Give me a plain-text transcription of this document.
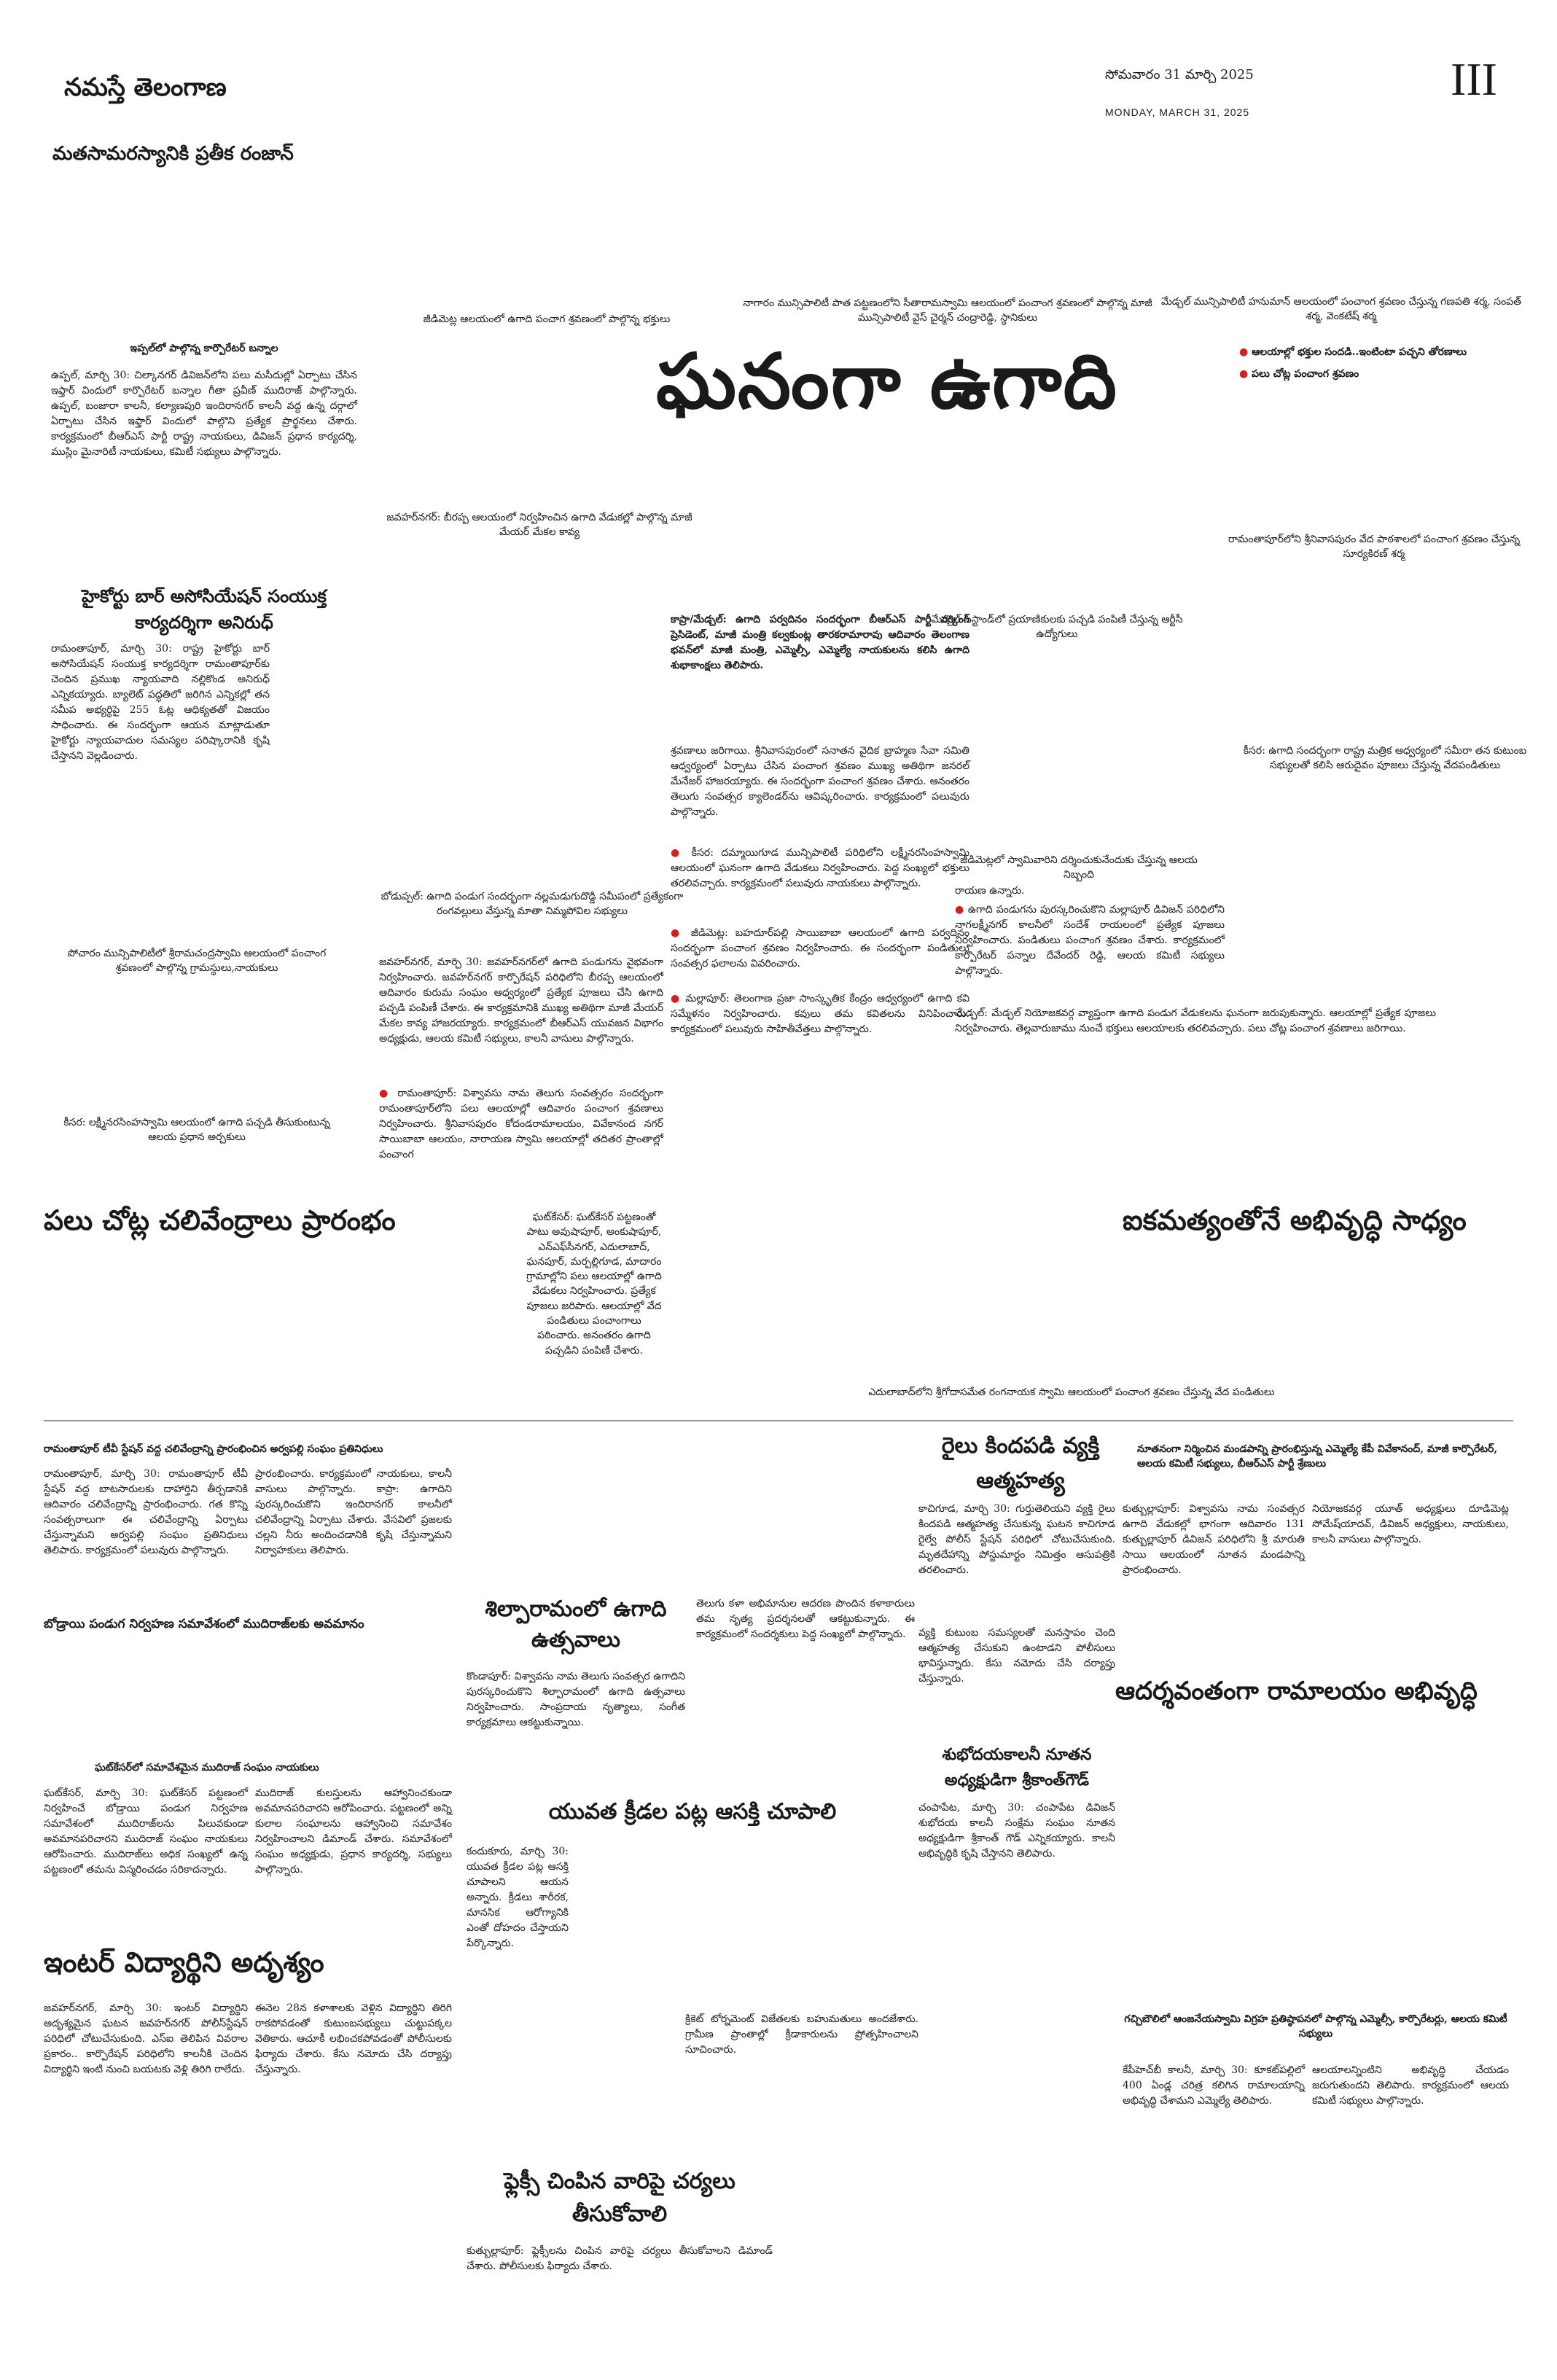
నమస్తే తెలంగాణ	సోమవారం 31 మార్చి 2025
MONDAY, MARCH 31, 2025
III
మతసామరస్యానికి ప్రతీక రంజాన్
జీడిమెట్ల ఆలయంలో ఉగాది పంచాగ శ్రవణంలో పాల్గొన్న భక్తులు
నాగారం మున్సిపాలిటీ పాత పట్టణంలోని సీతారామస్వామి ఆలయంలో పంచాంగ శ్రవణంలో పాల్గొన్న మాజీ మున్సిపాలిటీ వైస్ చైర్మన్ చంద్రారెడ్డి, స్థానికులు
మేడ్చల్ మున్సిపాలిటీ హనుమాన్ ఆలయంలో పంచాంగ శ్రవణం చేస్తున్న గణపతి శర్మ, సంపత్ శర్మ, వెంకటేష్ శర్మ
ఘనంగా ఉగాది
●	ఆలయాల్లో భక్తుల సందడి..ఇంటింటా పచ్చని తోరణాలు
● పలు చోట్ల పంచాంగ శ్రవణం
ఇప్పల్‌లో పాల్గొన్న కార్పొరేటర్ బన్నాల
ఉప్పల్, మార్చి 30: చిల్కానగర్ డివిజన్‌లోని పలు మసీదుల్లో ఏర్పాటు చేసిన ఇఫ్తార్ విందులో కార్పొరేటర్ బన్నాల గీతా ప్రవీణ్ ముదిరాజ్ పాల్గొన్నారు. ఉప్పల్, బంజారా కాలనీ, కల్యాణపురి ఇందిరానగర్ కాలనీ వద్ద ఉన్న దర్గాలో ఏర్పాటు చేసిన ఇఫ్తార్ విందులో పాల్గొని ప్రత్యేక ప్రార్థనలు చేశారు. కార్యక్రమంలో బీఆర్ఎస్ పార్టీ రాష్ట్ర నాయకులు, డివిజన్ ప్రధాన కార్యదర్శి, ముస్లిం మైనారిటీ నాయకులు, కమిటీ సభ్యులు పాల్గొన్నారు.
హైకోర్టు బార్ అసోసియేషన్ సంయుక్త కార్యదర్శిగా అనిరుధ్
రామంతాపూర్, మార్చి 30: రాష్ట్ర హైకోర్టు బార్ అసోసియేషన్ సంయుక్త కార్యదర్శిగా రామంతాపూర్‌కు చెందిన ప్రముఖ న్యాయవాది నల్లికొండ అనిరుధ్ ఎన్నికయ్యారు. బ్యాలెట్ పద్ధతిలో జరిగిన ఎన్నికల్లో తన సమీప అభ్యర్థిపై 255 ఓట్ల ఆధిక్యతతో విజయం సాధించారు. ఈ సందర్భంగా ఆయన మాట్లాడుతూ హైకోర్టు న్యాయవాదుల సమస్యల పరిష్కారానికి కృషి చేస్తానని వెల్లడించారు.
జవహర్‌నగర్: బీరప్ప ఆలయంలో నిర్వహించిన ఉగాది వేడుకల్లో పాల్గొన్న మాజీ మేయర్ మేకల కావ్య
రామంతాపూర్‌లోని శ్రీనివాసపురం వేద పాఠశాలలో పంచాంగ శ్రవణం చేస్తున్న సూర్యకిరణ్ శర్మ
కాప్రా/మేడ్చల్: ఉగాది పర్వదినం సందర్భంగా బీఆర్ఎస్ పార్టీ వర్కింగ్ ప్రెసిడెంట్, మాజీ మంత్రి కల్వకుంట్ల తారకరామారావు ఆదివారం తెలంగాణ భవన్‌లో మాజీ మంత్రి, ఎమ్మెల్సీ, ఎమ్మెల్యే నాయకులను కలిసి ఉగాది శుభాకాంక్షలు తెలిపారు.
మేడ్చల్ బస్టాండ్‌లో ప్రయాణికులకు పచ్చడి పంపిణీ చేస్తున్న ఆర్టీసీ ఉద్యోగులు
శ్రవణాలు జరిగాయి. శ్రీనివాసపురంలో సనాతన వైదిక బ్రాహ్మణ సేవా సమితి ఆధ్వర్యంలో ఏర్పాటు చేసిన పంచాంగ శ్రవణం ముఖ్య అతిథిగా జనరల్ మేనేజర్ హాజరయ్యారు. ఈ సందర్భంగా పంచాంగ శ్రవణం చేశారు. ఆనంతరం తెలుగు సంవత్సర క్యాలెండర్‌ను ఆవిష్కరించారు. కార్యక్రమంలో పలువురు పాల్గొన్నారు.
● కీసర: దమ్మాయిగూడ మున్సిపాలిటీ పరిధిలోని లక్ష్మీనరసింహస్వామి ఆలయంలో ఘనంగా ఉగాది వేడుకలు నిర్వహించారు. పెద్ద సంఖ్యలో భక్తులు తరలివచ్చారు. కార్యక్రమంలో పలువురు నాయకులు పాల్గొన్నారు.
● జీడిమెట్ల: బహదూర్‌పల్లి సాయిబాబా ఆలయంలో ఉగాది పర్వదినం సందర్భంగా పంచాంగ శ్రవణం నిర్వహించారు. ఈ సందర్భంగా పండితులు సంవత్సర ఫలాలను వివరించారు.
● మల్లాపూర్: తెలంగాణ ప్రజా సాంస్కృతిక కేంద్రం ఆధ్వర్యంలో ఉగాది కవి సమ్మేళనం నిర్వహించారు. కవులు తమ కవితలను వినిపించారు. కార్యక్రమంలో పలువురు సాహితీవేత్తలు పాల్గొన్నారు.
కీసర: ఉగాది సందర్భంగా రాష్ట్ర మత్రిక ఆధ్వర్యంలో సమీరా తన కుటుంబ సభ్యులతో కలిసి ఆరుదైవం పూజలు చేస్తున్న వేదపండితులు
జీడిమెట్లలో స్వామివారిని దర్శించుకునేందుకు చేస్తున్న ఆలయ నిబ్బంది
రాయణ ఉన్నారు.
● ఉగాది పండుగను పురస్కరించుకొని మల్లాపూర్ డివిజన్ పరిధిలోని నాగలక్ష్మీనగర్ కాలనీలో సందేశ్ రాయలంలో ప్రత్యేక పూజలు నిర్వహించారు. పండితులు పంచాంగ శ్రవణం చేశారు. కార్యక్రమంలో కార్పొరేటర్ పన్నాల దేవేందర్ రెడ్డి, ఆలయ కమిటీ సభ్యులు పాల్గొన్నారు.
మేడ్చల్: మేడ్చల్ నియోజకవర్గ వ్యాప్తంగా ఉగాది పండుగ వేడుకలను ఘనంగా జరుపుకున్నారు. ఆలయాల్లో ప్రత్యేక పూజలు నిర్వహించారు. తెల్లవారుజాము నుంచే భక్తులు ఆలయాలకు తరలివచ్చారు. పలు చోట్ల పంచాంగ శ్రవణాలు జరిగాయి.
బోడుప్పల్: ఉగాది పండుగ సందర్భంగా నల్లమడుగుదొడ్డి సమీపంలో ప్రత్యేకంగా రంగవల్లులు వేస్తున్న మాతా నిమ్మపోవిల సభ్యులు
పోచారం మున్సిపాలిటీలో శ్రీరామచంద్రస్వామి ఆలయంలో పంచాంగ శ్రవణంలో పాల్గొన్న గ్రామస్థులు,నాయకులు
జవహర్‌నగర్, మార్చి 30: జవహర్‌నగర్‌లో ఉగాది పండుగను వైభవంగా నిర్వహించారు. జవహర్‌నగర్ కార్పొరేషన్ పరిధిలోని బీరప్ప ఆలయంలో ఆదివారం కురుమ సంఘం ఆధ్వర్యంలో ప్రత్యేక పూజలు చేసి ఉగాది పచ్చడి పంపిణీ చేశారు. ఈ కార్యక్రమానికి ముఖ్య అతిథిగా మాజీ మేయర్ మేకల కావ్య హాజరయ్యారు. కార్యక్రమంలో బీఆర్ఎస్ యువజన విభాగం అధ్యక్షుడు, ఆలయ కమిటీ సభ్యులు, కాలనీ వాసులు పాల్గొన్నారు.
● రామంతాపూర్: విశ్వావసు నామ తెలుగు సంవత్సరం సందర్భంగా రామంతాపూర్‌లోని పలు ఆలయాల్లో ఆదివారం పంచాంగ శ్రవణాలు నిర్వహించారు. శ్రీనివాసపురం కోదండరామాలయం, వివేకానంద నగర్ సాయిబాబా ఆలయం, నారాయణ స్వామి ఆలయాల్లో తదితర ప్రాంతాల్లో పంచాంగ
కీసర: లక్ష్మీనరసింహస్వామి ఆలయంలో ఉగాది పచ్చడి తీసుకుంటున్న ఆలయ ప్రధాన అర్చకులు
ఘట్‌కేసర్: ఘట్‌కేసర్ పట్టణంతో పాటు అవుషాపూర్, అంకుషాపూర్, ఎన్ఎఫ్‌సీనగర్, ఎదులాబాద్, ఘనపూర్, మర్పల్లిగూడ, మాదారం గ్రామాల్లోని పలు ఆలయాల్లో ఉగాది వేడుకలు నిర్వహించారు. ప్రత్యేక పూజలు జరిపారు. ఆలయాల్లో వేద పండితులు పంచాంగాలు పఠించారు. అనంతరం ఉగాది పచ్చడిని పంపిణీ చేశారు.
పలు చోట్ల చలివేంద్రాలు ప్రారంభం	ఐకమత్యంతోనే అభివృద్ధి సాధ్యం
ఎదులాబాద్‌లోని శ్రీగోదాసమేత రంగనాయక స్వామి ఆలయంలో పంచాంగ శ్రవణం చేస్తున్న వేద పండితులు
రామంతాపూర్ టీవీ స్టేషన్ వద్ద చలివేంద్రాన్ని ప్రారంభించిన అర్వపల్లి సంఘం ప్రతినిధులు
రామంతాపూర్, మార్చి 30: రామంతాపూర్ టీవీ స్టేషన్ వద్ద బాటసారులకు దాహార్తిని తీర్చడానికి ఆదివారం చలివేంద్రాన్ని ప్రారంభించారు. గత కొన్ని సంవత్సరాలుగా ఈ చలివేంద్రాన్ని ఏర్పాటు చేస్తున్నామని అర్వపల్లి సంఘం ప్రతినిధులు తెలిపారు. కార్యక్రమంలో పలువురు పాల్గొన్నారు.
ప్రారంభించారు. కార్యక్రమంలో నాయకులు, కాలనీ వాసులు పాల్గొన్నారు. కాప్రా: ఉగాదిని పురస్కరించుకొని ఇందిరానగర్ కాలనీలో చలివేంద్రాన్ని ఏర్పాటు చేశారు. వేసవిలో ప్రజలకు చల్లని నీరు అందించడానికి కృషి చేస్తున్నామని నిర్వాహకులు తెలిపారు.
బోడ్రాయి పండుగ నిర్వహణ సమావేశంలో ముదిరాజ్‌లకు అవమానం
ఘట్‌కేసర్‌లో సమావేశమైన ముదిరాజ్ సంఘం నాయకులు
ఘట్‌కేసర్, మార్చి 30: ఘట్‌కేసర్ పట్టణంలో నిర్వహించే బోడ్రాయి పండుగ నిర్వహణ సమావేశంలో ముదిరాజ్‌లను పిలువకుండా అవమానపరిచారని ముదిరాజ్ సంఘం నాయకులు ఆరోపించారు. ముదిరాజ్‌లు అధిక సంఖ్యలో ఉన్న పట్టణంలో తమను విస్మరించడం సరికాదన్నారు.
ముదిరాజ్ కులస్తులను ఆహ్వానించకుండా అవమానపరిచారని ఆరోపించారు. పట్టణంలో అన్ని కులాల సంఘాలను ఆహ్వానించి సమావేశం నిర్వహించాలని డిమాండ్ చేశారు. సమావేశంలో సంఘం అధ్యక్షుడు, ప్రధాన కార్యదర్శి, సభ్యులు పాల్గొన్నారు.
ఇంటర్ విద్యార్థిని అదృశ్యం
జవహర్‌నగర్, మార్చి 30: ఇంటర్ విద్యార్థిని అదృశ్యమైన ఘటన జవహర్‌నగర్ పోలీస్‌స్టేషన్ పరిధిలో చోటుచేసుకుంది. ఎస్ఐ తెలిపిన వివరాల ప్రకారం.. కార్పొరేషన్ పరిధిలోని కాలనీకి చెందిన విద్యార్థిని ఇంటి నుంచి బయటకు వెళ్లి తిరిగి రాలేదు.
ఈనెల 28న కళాశాలకు వెళ్లిన విద్యార్థిని తిరిగి రాకపోవడంతో కుటుంబసభ్యులు చుట్టుపక్కల వెతికారు. ఆచూకీ లభించకపోవడంతో పోలీసులకు ఫిర్యాదు చేశారు. కేసు నమోదు చేసి దర్యాప్తు చేస్తున్నారు.
శిల్పారామంలో ఉగాది ఉత్సవాలు
కొండాపూర్: విశ్వావసు నామ తెలుగు సంవత్సర ఉగాదిని పురస్కరించుకొని శిల్పారామంలో ఉగాది ఉత్సవాలు నిర్వహించారు. సాంప్రదాయ నృత్యాలు, సంగీత కార్యక్రమాలు ఆకట్టుకున్నాయి.
తెలుగు కళా అభిమానుల ఆదరణ పొందిన కళాకారులు తమ నృత్య ప్రదర్శనలతో ఆకట్టుకున్నారు. ఈ కార్యక్రమంలో సందర్శకులు పెద్ద సంఖ్యలో పాల్గొన్నారు.
యువత క్రీడల పట్ల ఆసక్తి చూపాలి
కందుకూరు, మార్చి 30: యువత క్రీడల పట్ల ఆసక్తి చూపాలని ఆయన అన్నారు. క్రీడలు శారీరక, మానసిక ఆరోగ్యానికి ఎంతో దోహదం చేస్తాయని పేర్కొన్నారు.
క్రికెట్ టోర్నమెంట్ విజేతలకు బహుమతులు అందజేశారు. గ్రామీణ ప్రాంతాల్లో క్రీడాకారులను ప్రోత్సహించాలని సూచించారు.
ఫ్లెక్సీ చింపిన వారిపై చర్యలు తీసుకోవాలి
కుత్బుల్లాపూర్: ఫ్లెక్సీలను చింపిన వారిపై చర్యలు తీసుకోవాలని డిమాండ్ చేశారు. పోలీసులకు ఫిర్యాదు చేశారు.
రైలు కిందపడి వ్యక్తి ఆత్మహత్య
కాచిగూడ, మార్చి 30: గుర్తుతెలియని వ్యక్తి రైలు కిందపడి ఆత్మహత్య చేసుకున్న ఘటన కాచిగూడ రైల్వే పోలీస్ స్టేషన్ పరిధిలో చోటుచేసుకుంది. మృతదేహాన్ని పోస్టుమార్టం నిమిత్తం ఆసుపత్రికి తరలించారు.
వ్యక్తి కుటుంబ సమస్యలతో మనస్తాపం చెంది ఆత్మహత్య చేసుకుని ఉంటాడని పోలీసులు భావిస్తున్నారు. కేసు నమోదు చేసి దర్యాప్తు చేస్తున్నారు.
శుభోదయకాలనీ నూతన అధ్యక్షుడిగా శ్రీకాంత్‌గౌడ్
చంపాపేట, మార్చి 30: చంపాపేట డివిజన్ శుభోదయ కాలనీ సంక్షేమ సంఘం నూతన అధ్యక్షుడిగా శ్రీకాంత్ గౌడ్ ఎన్నికయ్యారు. కాలనీ అభివృద్ధికి కృషి చేస్తానని తెలిపారు.
నూతనంగా నిర్మించిన మండపాన్ని ప్రారంభిస్తున్న ఎమ్మెల్యే కేపీ వివేకానంద్, మాజీ కార్పొరేటర్, ఆలయ కమిటీ సభ్యులు, బీఆర్ఎస్ పార్టీ శ్రేణులు
కుత్బుల్లాపూర్: విశ్వావసు నామ సంవత్సర ఉగాది వేడుకల్లో భాగంగా ఆదివారం 131 కుత్బుల్లాపూర్ డివిజన్ పరిధిలోని శ్రీ మారుతి సాయి ఆలయంలో నూతన మండపాన్ని ప్రారంభించారు.
నియోజకవర్గ యూత్ అధ్యక్షులు దూడిమెట్ల సోమేష్‌యాదవ్, డివిజన్ అధ్యక్షులు, నాయకులు, కాలనీ వాసులు పాల్గొన్నారు.
ఆదర్శవంతంగా రామాలయం అభివృద్ధి
గచ్చిబౌలిలో ఆంజనేయస్వామి విగ్రహ ప్రతిష్ఠాపనలో పాల్గొన్న ఎమ్మెల్సీ, కార్పొరేటర్లు, ఆలయ కమిటీ సభ్యులు
కేపీహెచ్‌బీ కాలనీ, మార్చి 30: కూకట్‌పల్లిలో 400 ఏండ్ల చరిత్ర కలిగిన రామాలయాన్ని అభివృద్ధి చేశామని ఎమ్మెల్యే తెలిపారు.
ఆలయాలన్నింటిని అభివృద్ధి చేయడం జరుగుతుందని తెలిపారు. కార్యక్రమంలో ఆలయ కమిటీ సభ్యులు పాల్గొన్నారు.
